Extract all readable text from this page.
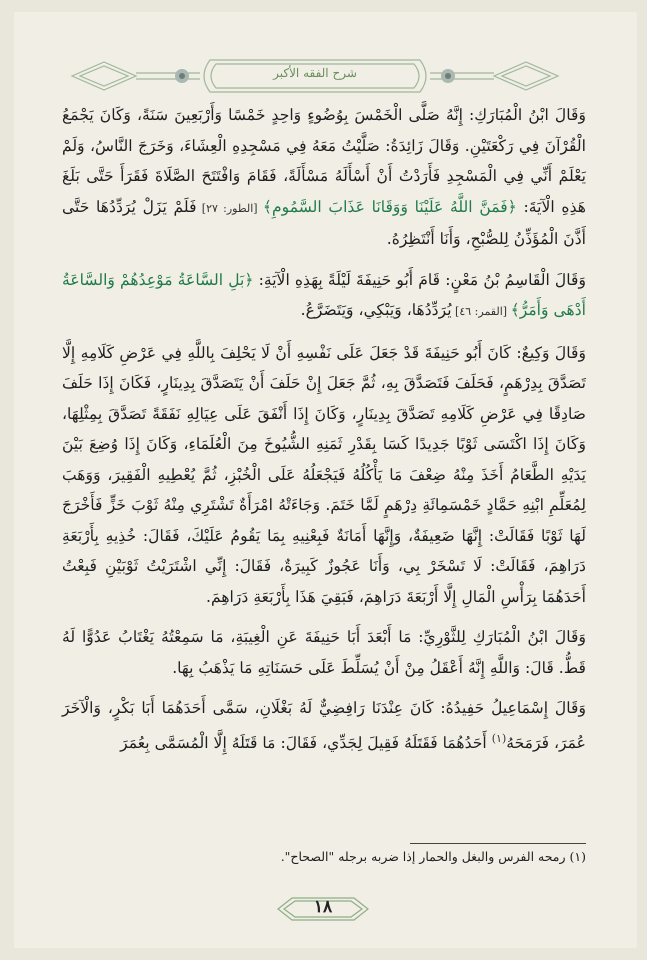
شرح الفقه الأكبر

وَقَالَ ابْنُ الْمُبَارَكِ: إِنَّهُ صَلَّى الْخَمْسَ بِوُضُوءٍ وَاحِدٍ خَمْسًا وَأَرْبَعِينَ سَنَةً، وَكَانَ يَجْمَعُ الْقُرْآنَ فِي رَكْعَتَيْنِ. وَقَالَ زَائِدَةُ: صَلَّيْتُ مَعَهُ فِي مَسْجِدِهِ الْعِشَاءَ، وَخَرَجَ النَّاسُ، وَلَمْ يَعْلَمْ أَنِّي فِي الْمَسْجِدِ فَأَرَدْتُ أَنْ أَسْأَلَهُ مَسْأَلَةً، فَقَامَ وَافْتَتَحَ الصَّلَاةَ فَقَرَأَ حَتَّى بَلَغَ هَذِهِ الْآيَةَ: ﴿فَمَنَّ اللَّهُ عَلَيْنَا وَوَقَانَا عَذَابَ السَّمُومِ﴾ [الطور: ٢٧] فَلَمْ يَزَلْ يُرَدِّدُهَا حَتَّى أَذَّنَ الْمُؤَذِّنُ لِلصُّبْحِ، وَأَنَا أَنْتَظِرُهُ.

وَقَالَ الْقَاسِمُ بْنُ مَعْنٍ: قَامَ أَبُو حَنِيفَةَ لَيْلَةً بِهَذِهِ الْآيَةِ: ﴿بَلِ السَّاعَةُ مَوْعِدُهُمْ وَالسَّاعَةُ أَدْهَى وَأَمَرُّ﴾ [القمر: ٤٦] يُرَدِّدُهَا، وَيَبْكِي، وَيَتَضَرَّعُ.

وَقَالَ وَكِيعٌ: كَانَ أَبُو حَنِيفَةَ قَدْ جَعَلَ عَلَى نَفْسِهِ أَنْ لَا يَحْلِفَ بِاللَّهِ فِي عَرْضِ كَلَامِهِ إِلَّا تَصَدَّقَ بِدِرْهَمٍ، فَحَلَفَ فَتَصَدَّقَ بِهِ، ثُمَّ جَعَلَ إِنْ حَلَفَ أَنْ يَتَصَدَّقَ بِدِينَارٍ، فَكَانَ إِذَا حَلَفَ صَادِقًا فِي عَرْضِ كَلَامِهِ تَصَدَّقَ بِدِينَارٍ، وَكَانَ إِذَا أَنْفَقَ عَلَى عِيَالِهِ نَفَقَةً تَصَدَّقَ بِمِثْلِهَا، وَكَانَ إِذَا اكْتَسَى ثَوْبًا جَدِيدًا كَسَا بِقَدْرِ ثَمَنِهِ الشُّيُوخَ مِنَ الْعُلَمَاءِ، وَكَانَ إِذَا وُضِعَ بَيْنَ يَدَيْهِ الطَّعَامُ أَخَذَ مِنْهُ ضِعْفَ مَا يَأْكُلُهُ فَيَجْعَلُهُ عَلَى الْخُبْزِ، ثُمَّ يُعْطِيهِ الْفَقِيرَ، وَوَهَبَ لِمُعَلِّمِ ابْنِهِ حَمَّادٍ خَمْسَمِائَةِ دِرْهَمٍ لَمَّا خَتَمَ. وَجَاءَتْهُ امْرَأَةٌ تَشْتَرِي مِنْهُ ثَوْبَ خَزٍّ فَأَخْرَجَ لَهَا ثَوْبًا فَقَالَتْ: إِنَّهَا ضَعِيفَةٌ، وَإِنَّهَا أَمَانَةٌ فَبِعْنِيهِ بِمَا يَقُومُ عَلَيْكَ، فَقَالَ: خُذِيهِ بِأَرْبَعَةِ دَرَاهِمَ، فَقَالَتْ: لَا تَسْخَرْ بِي، وَأَنَا عَجُوزٌ كَبِيرَةٌ، فَقَالَ: إِنِّي اشْتَرَيْتُ ثَوْبَيْنِ فَبِعْتُ أَحَدَهُمَا بِرَأْسِ الْمَالِ إِلَّا أَرْبَعَةَ دَرَاهِمَ، فَبَقِيَ هَذَا بِأَرْبَعَةِ دَرَاهِمَ.

وَقَالَ ابْنُ الْمُبَارَكِ لِلثَّوْرِيِّ: مَا أَبْعَدَ أَبَا حَنِيفَةَ عَنِ الْغِيبَةِ، مَا سَمِعْتُهُ يَغْتَابُ عَدُوًّا لَهُ قَطُّ. قَالَ: وَاللَّهِ إِنَّهُ أَعْقَلُ مِنْ أَنْ يُسَلِّطَ عَلَى حَسَنَاتِهِ مَا يَذْهَبُ بِهَا.

وَقَالَ إِسْمَاعِيلُ حَفِيدُهُ: كَانَ عِنْدَنَا رَافِضِيٌّ لَهُ بَغْلَانِ، سَمَّى أَحَدَهُمَا أَبَا بَكْرٍ، وَالْآخَرَ عُمَرَ، فَرَمَحَهُ$^{(١)}$ أَحَدُهُمَا فَقَتَلَهُ فَقِيلَ لِجَدِّي، فَقَالَ: مَا قَتَلَهُ إِلَّا الْمُسَمَّى بِعُمَرَ

(١) رمحه الفرس والبغل والحمار إذا ضربه برجله "الصحاح".
١٨
